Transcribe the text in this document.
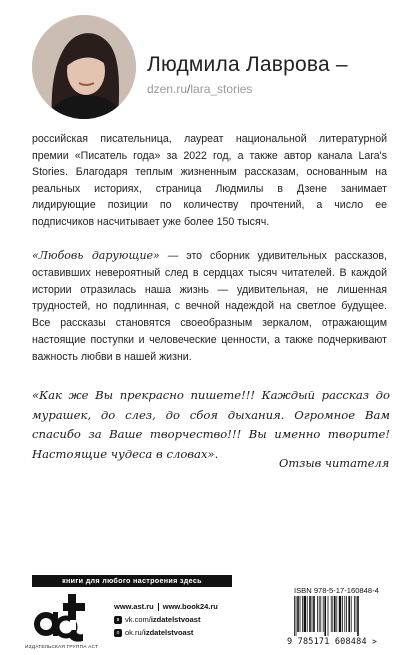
Людмила Лаврова –
dzen.ru/lara_stories
российская писательница, лауреат национальной литературной премии «Писатель года» за 2022 год, а также автор канала Lara's Stories. Благодаря теплым жизненным рассказам, основанным на реальных историях, страница Людмилы в Дзене занимает лидирующие позиции по количеству прочтений, а число ее подписчиков насчитывает уже более 150 тысяч.
«Любовь дарующие» — это сборник удивительных рассказов, оставивших невероятный след в сердцах тысяч читателей. В каждой истории отразилась наша жизнь — удивительная, не лишенная трудностей, но подлинная, с вечной надеждой на светлое будущее. Все рассказы становятся своеобразным зеркалом, отражающим настоящие поступки и человеческие ценности, а также подчеркивают важность любви в нашей жизни.
«Как же Вы прекрасно пишете!!! Каждый рассказ до мурашек, до слез, до сбоя дыхания. Огромное Вам спасибо за Ваше творчество!!! Вы именно творите! Настоящие чудеса в словах».
Отзыв читателя
книги для любого настроения здесь
ИЗДАТЕЛЬСКАЯ ГРУППА АСТ
www.ast.ru www.book24.ru
в vk.com/izdatelstvoast
о ok.ru/izdatelstvoast
ISBN 978-5-17-160848-4
9 785171 608484 >
